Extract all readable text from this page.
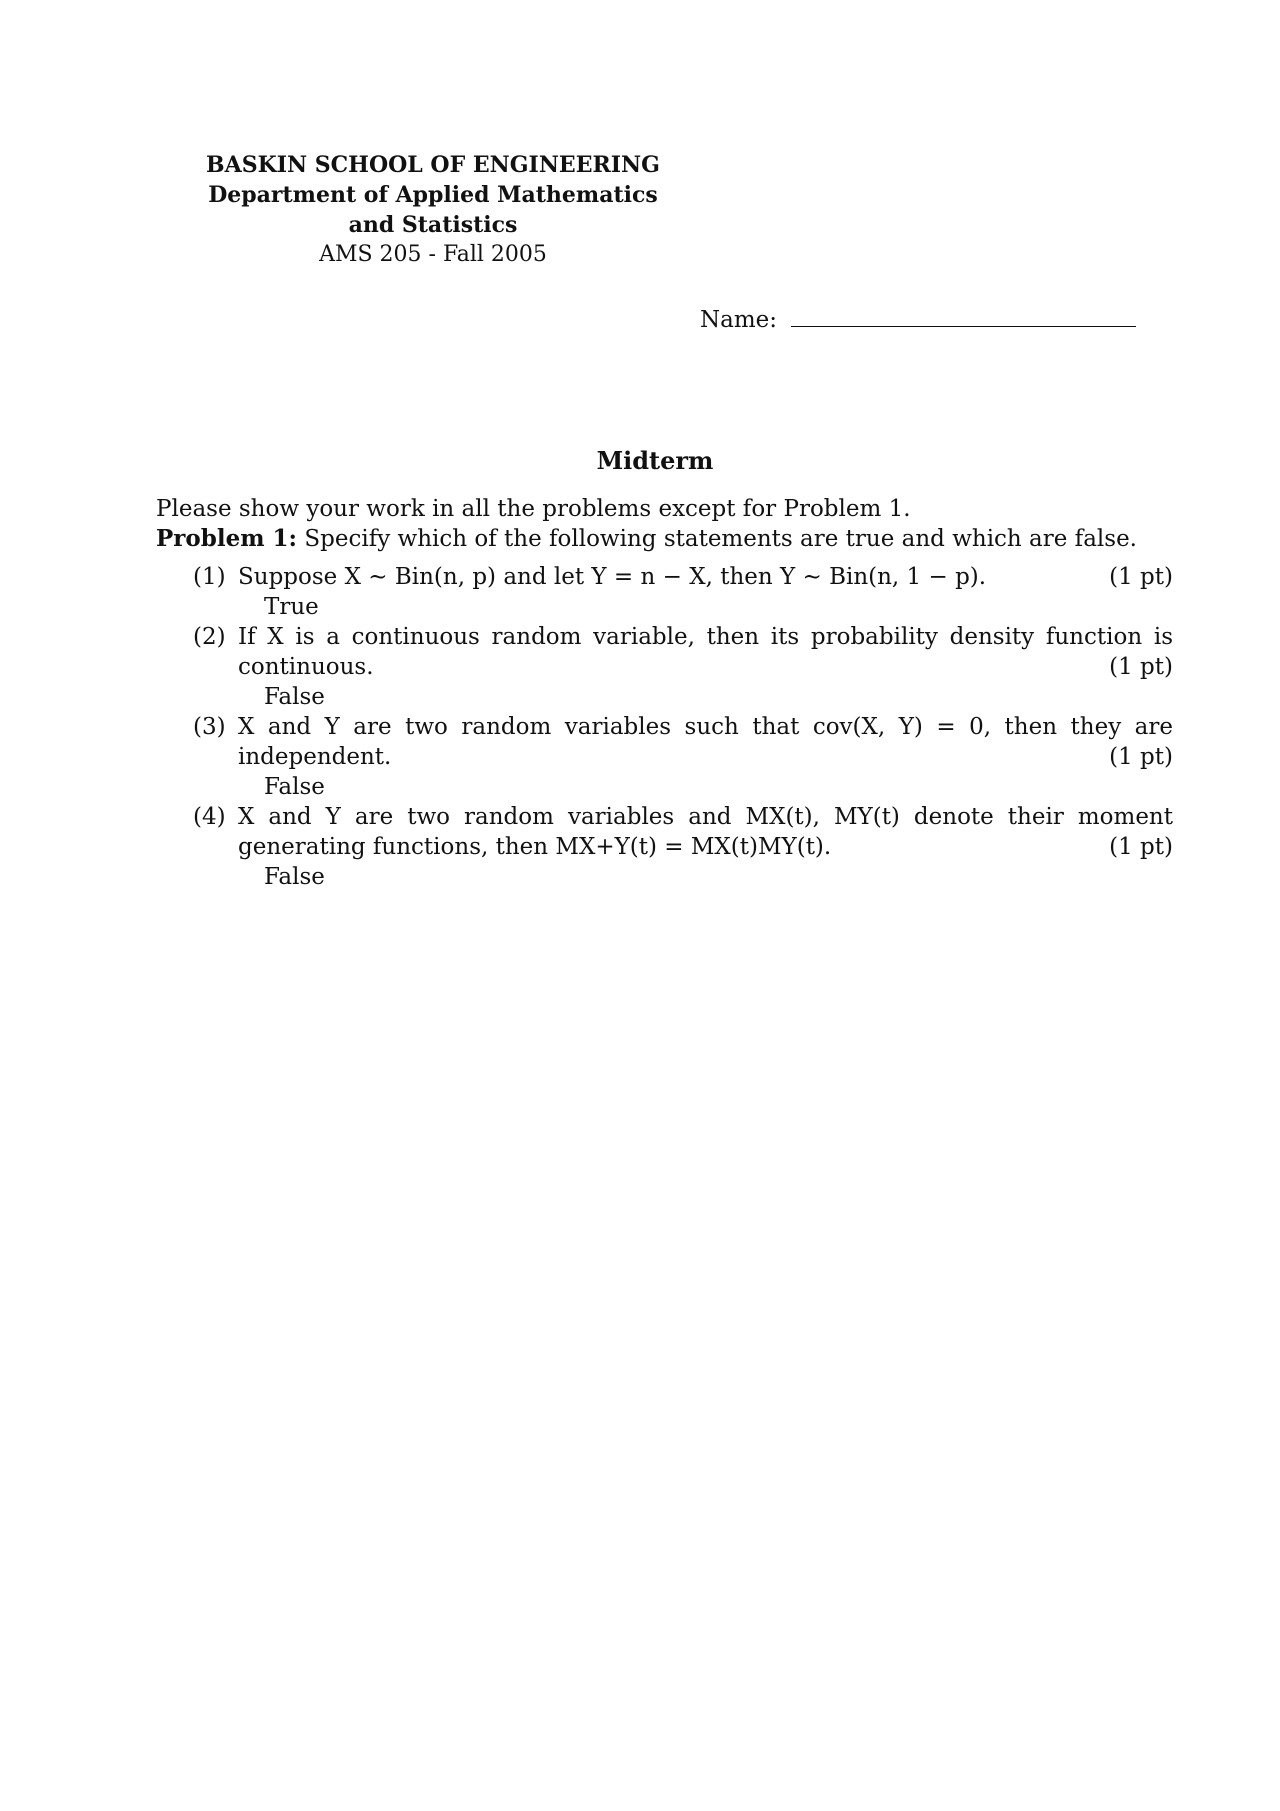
BASKIN SCHOOL OF ENGINEERING
Department of Applied Mathematics
and Statistics
AMS 205 - Fall 2005
Name:
Midterm
Please show your work in all the problems except for Problem 1.
Problem 1: Specify which of the following statements are true and which are false.
(1) Suppose X ∼ Bin(n, p) and let Y = n − X, then Y ∼ Bin(n, 1 − p).	(1 pt)
True
(2) If X is a continuous random variable, then its probability density function is continuous.	(1 pt)
False
(3) X and Y are two random variables such that cov(X, Y) = 0, then they are independent.	(1 pt)
False
(4) X and Y are two random variables and MX(t), MY(t) denote their moment generating functions, then MX+Y(t) = MX(t)MY(t).	(1 pt)
False
